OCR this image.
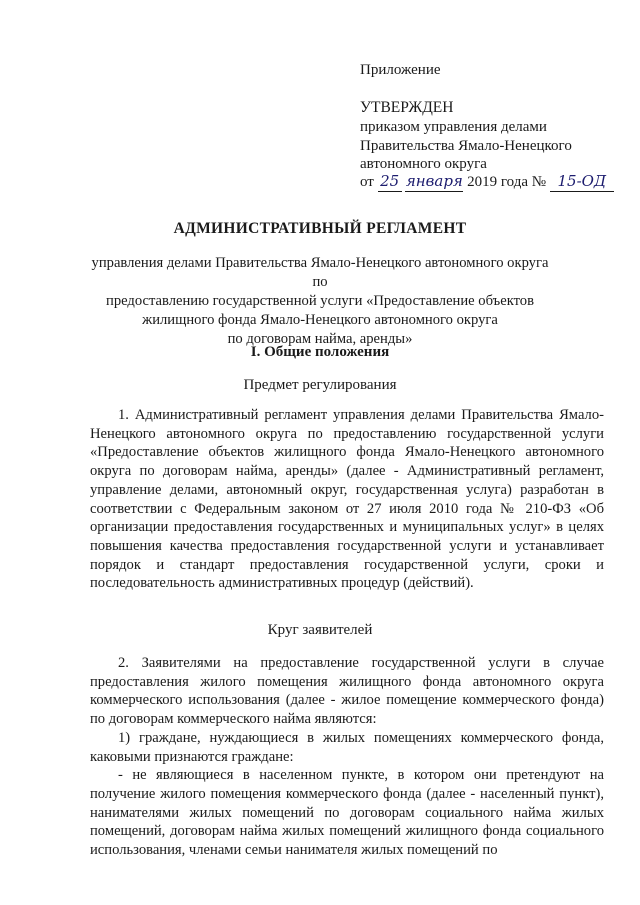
Приложение
УТВЕРЖДЕН
приказом управления делами
Правительства Ямало-Ненецкого
автономного округа
от 25 января 2019 года № 15-ОД
АДМИНИСТРАТИВНЫЙ РЕГЛАМЕНТ
управления делами Правительства Ямало-Ненецкого автономного округа по
предоставлению государственной услуги «Предоставление объектов
жилищного фонда Ямало-Ненецкого автономного округа
по договорам найма, аренды»
I. Общие положения
Предмет регулирования

1. Административный регламент управления делами Правительства Ямало-Ненецкого автономного округа по предоставлению государственной услуги «Предоставление объектов жилищного фонда Ямало-Ненецкого автономного округа по договорам найма, аренды» (далее - Административный регламент, управление делами, автономный округ, государственная услуга) разработан в соответствии с Федеральным законом от 27 июля 2010 года № 210-ФЗ «Об организации предоставления государственных и муниципальных услуг» в целях повышения качества предоставления государственной услуги и устанавливает порядок и стандарт предоставления государственной услуги, сроки и последовательность административных процедур (действий).

Круг заявителей

2. Заявителями на предоставление государственной услуги в случае предоставления жилого помещения жилищного фонда автономного округа коммерческого использования (далее - жилое помещение коммерческого фонда) по договорам коммерческого найма являются:

1) граждане, нуждающиеся в жилых помещениях коммерческого фонда, каковыми признаются граждане:

- не являющиеся в населенном пункте, в котором они претендуют на получение жилого помещения коммерческого фонда (далее - населенный пункт), нанимателями жилых помещений по договорам социального найма жилых помещений, договорам найма жилых помещений жилищного фонда социального использования, членами семьи нанимателя жилых помещений по
